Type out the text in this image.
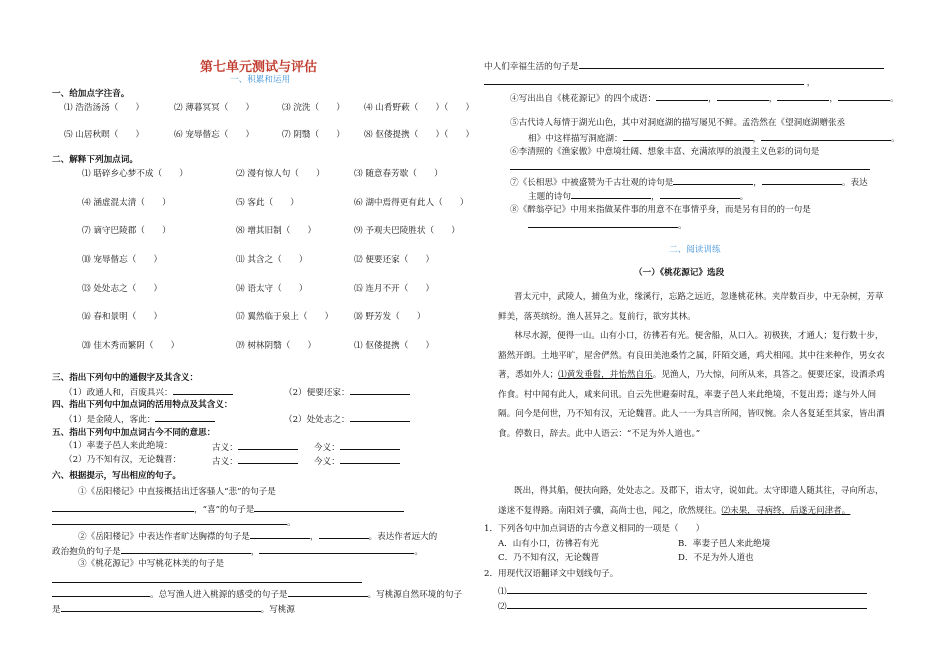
第七单元测试与评估
一、积累和运用
一、给加点字注音。
⑴ 浩浩汤汤（　　）	⑵ 薄暮冥冥（　　）	⑶ 浣洗（　　） ⑷ 山肴野蔌（　　）（　　）
⑸ 山居秋暝（　　）	⑹ 宠辱偕忘（　　）	⑺ 阴翳（　　） ⑻ 伛偻提携（　　）（　　）
二、解释下列加点词。
⑴ 聒碎乡心梦不成（　　）	⑵ 漫有惊人句（　　）	⑶ 随意春芳歇（　　）
⑷ 涵虚混太清（　　）	⑸ 客此（　　）	⑹ 湖中焉得更有此人（　　）
⑺ 谪守巴陵郡（　　）	⑻ 增其旧制（　　）	⑼ 予观夫巴陵胜状（　　）
⑽ 宠辱偕忘（　　）	⑾ 其含之（　　）	⑿ 便要还家（　　）
⒀ 处处志之（　　）	⒁ 语太守（　　）	⒂ 连月不开（　　）
⒃ 春和景明（　　）	⒄ 翼然临于泉上（　　） ⒅ 野芳发（　　）
⒇ 佳木秀而繁阴（　　）	⒆ 树林阴翳（　　）	⑴ 伛偻提携（　　）
三、指出下列句中的通假字及其含义：
（1）政通人和，百废具兴：	（2）便要还家：
四、指出下列句中加点词的活用特点及其含义：
（1）是金陵人，客此：	（2）处处志之：
五、指出下列句中加点词古今不同的意思：
（1）率妻子邑人来此绝境：	古义：	今义：
（2）乃不知有汉，无论魏晋：	古义：	今义：
六、根据提示，写出相应的句子。
①《岳阳楼记》中直接概括出迁客骚人“悲”的句子是
，“喜”的句子是
。
②《岳阳楼记》中表达作者旷达胸襟的句子是	，	。表达作者远大的
政治抱负的句子是	，	。
③《桃花源记》中写桃花林美的句子是
。总写渔人进入桃源的感受的句子是	。写桃源自然环境的句子
是	。写桃源
中人们幸福生活的句子是
，
④写出出自《桃花源记》的四个成语：	，	，	，	。
⑤古代诗人每情于湖光山色，其中对洞庭湖的描写屡见不鲜。孟浩然在《望洞庭湖赠张丞
相》中这样描写洞庭湖：	，	。
⑥李清照的《渔家傲》中意境壮阔、想象丰富、充满浓厚的浪漫主义色彩的词句是
⑦《长相思》中被盛赞为千古壮观的诗句是	，	。表达
主题的诗句	，	。
⑧《醉翁亭记》中用来指做某件事的用意不在事情乎身，而是另有目的的一句是
。
二、阅读训练
（一）《桃花源记》选段
晋太元中，武陵人，捕鱼为业，缘溪行，忘路之远近，忽逢桃花林。夹岸数百步，中无杂树，芳草鲜美，落英缤纷。渔人甚异之。复前行，欲穷其林。
林尽水源，便得一山。山有小口，彷彿若有光。便舍船，从口入。初极狭，才通人；复行数十步，豁然开朗。土地平旷，屋舍俨然。有良田美池桑竹之属，阡陌交通，鸡犬相闻。其中往来种作，男女衣著，悉如外人；⑴黄发垂髫，并怡然自乐。见渔人，乃大惊，问所从来，具答之。便要还家，设酒杀鸡作食。村中闻有此人，咸来问讯。自云先世避秦时乱，率妻子邑人来此绝境，不复出焉；遂与外人间隔。问今是何世，乃不知有汉，无论魏晋。此人一一为具言所闻，皆叹惋。余人各复延至其家，皆出酒食。停数日，辞去。此中人语云：“不足为外人道也。”
既出，得其船，便扶向路，处处志之。及郡下，诣太守，说如此。太守即遣人随其往，寻向所志，遂迷不复得路。南阳刘子骥，高尚士也，闻之，欣然规往。⑵未果，寻病终，后遂无问津者。
1．下列各句中加点词语的古今意义相同的一项是（　　）
A．山有小口，彷彿若有光	B．率妻子邑人来此绝境
C．乃不知有汉，无论魏晋	D．不足为外人道也
2．用现代汉语翻译文中划线句子。
⑴
⑵
